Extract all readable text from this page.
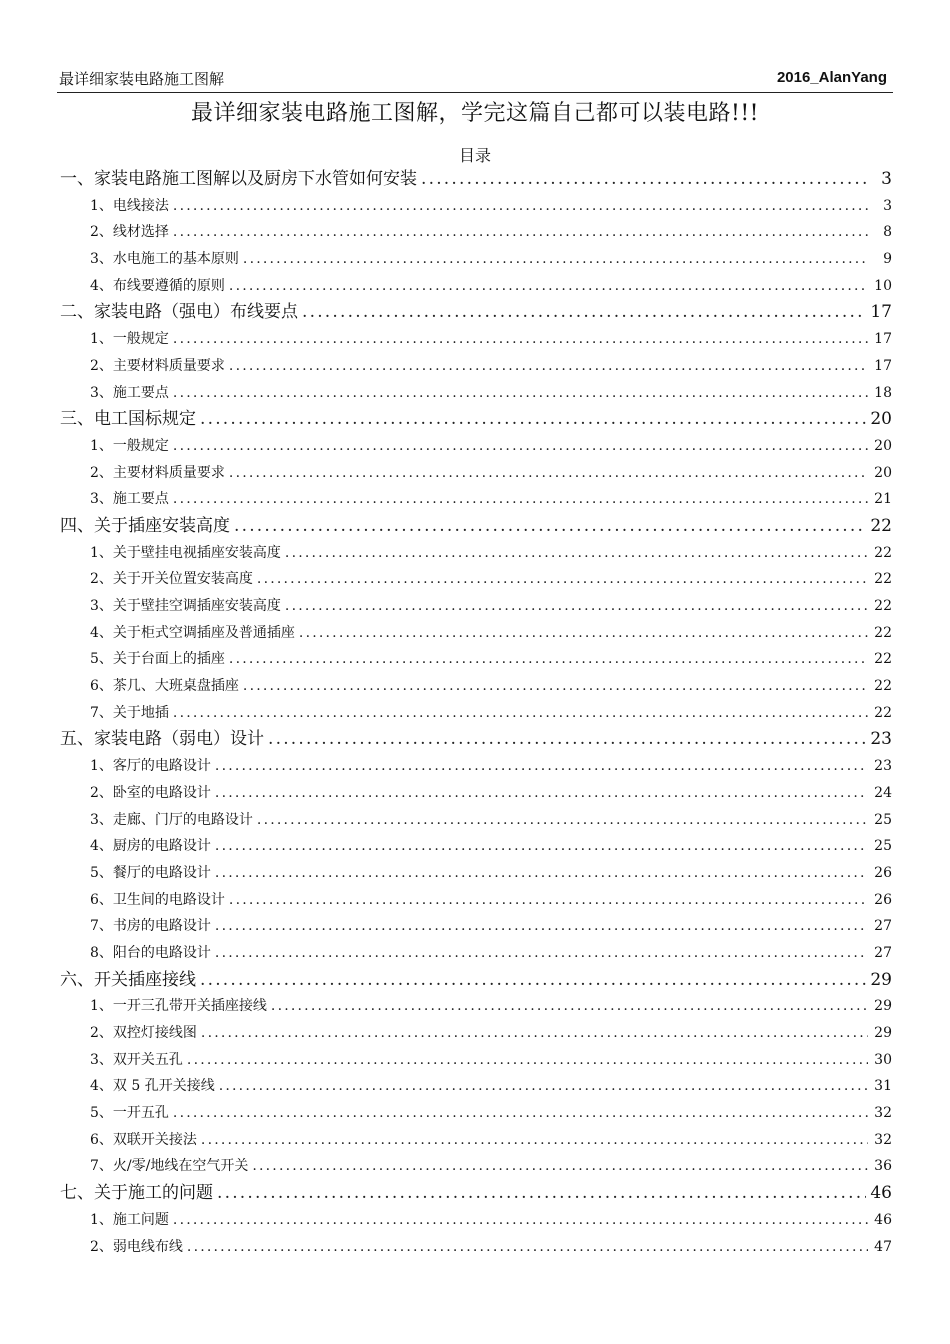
最详细家装电路施工图解	2016_AlanYang
最详细家装电路施工图解，学完这篇自己都可以装电路!!!
目录
一、家装电路施工图解以及厨房下水管如何安装 .....	3
1、电线接法 .....	3
2、线材选择 .....	8
3、水电施工的基本原则 .....	9
4、布线要遵循的原则 .....	10
二、家装电路（强电）布线要点 .....	17
1、一般规定 .....	17
2、主要材料质量要求 .....	17
3、施工要点 .....	18
三、电工国标规定 .....	20
1、一般规定 .....	20
2、主要材料质量要求 .....	20
3、施工要点 .....	21
四、关于插座安装高度 .....	22
1、关于壁挂电视插座安装高度 .....	22
2、关于开关位置安装高度 .....	22
3、关于壁挂空调插座安装高度 .....	22
4、关于柜式空调插座及普通插座 .....	22
5、关于台面上的插座 .....	22
6、茶几、大班桌盘插座 .....	22
7、关于地插 .....	22
五、家装电路（弱电）设计 .....	23
1、客厅的电路设计 .....	23
2、卧室的电路设计 .....	24
3、走廊、门厅的电路设计 .....	25
4、厨房的电路设计 .....	25
5、餐厅的电路设计 .....	26
6、卫生间的电路设计 .....	26
7、书房的电路设计 .....	27
8、阳台的电路设计 .....	27
六、开关插座接线 .....	29
1、一开三孔带开关插座接线 .....	29
2、双控灯接线图 .....	29
3、双开关五孔 .....	30
4、双 5 孔开关接线 .....	31
5、一开五孔 .....	32
6、双联开关接法 .....	32
7、火/零/地线在空气开关 .....	36
七、关于施工的问题 .....	46
1、施工问题 .....	46
2、弱电线布线 .....	47
